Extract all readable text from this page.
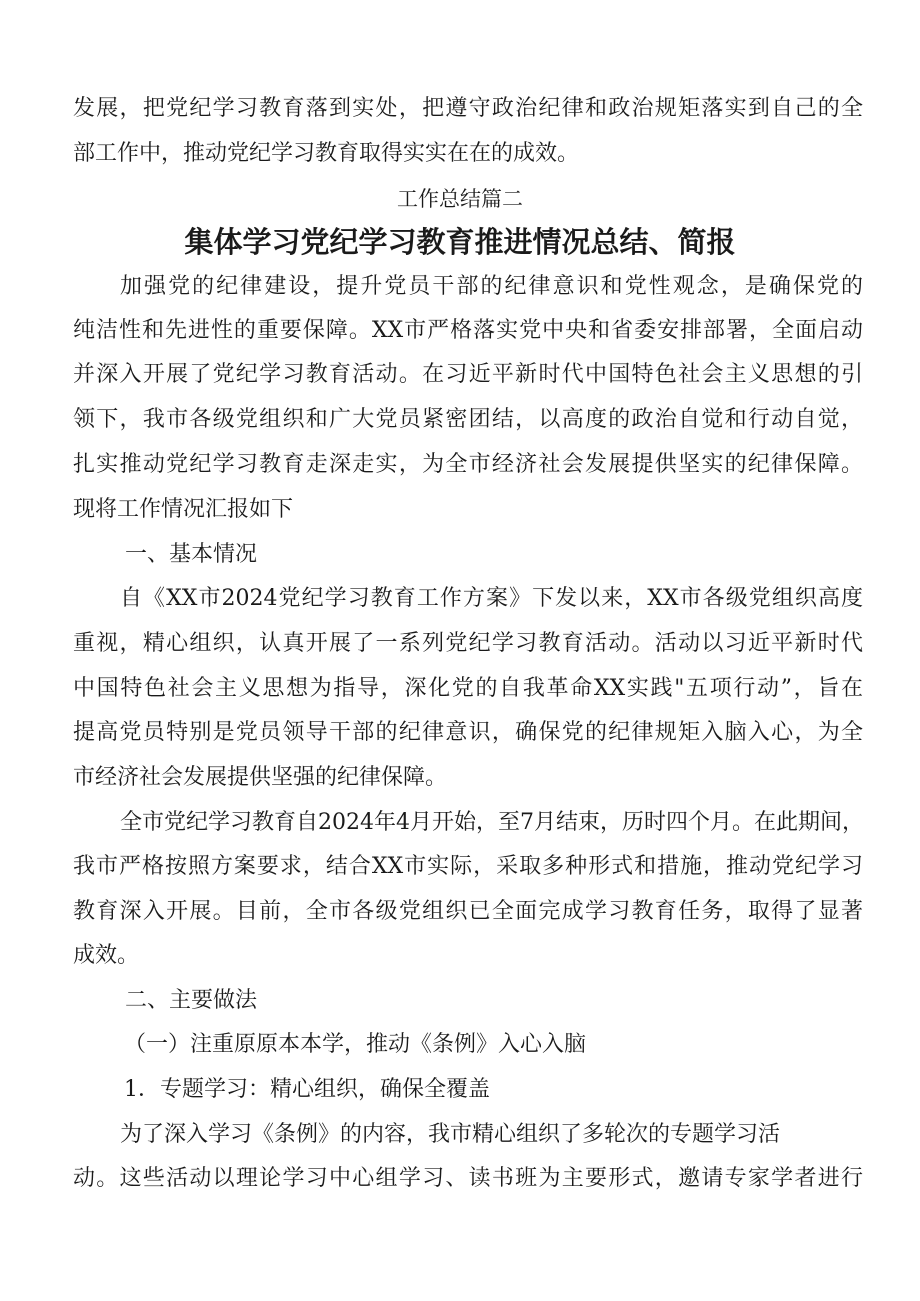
发展，把党纪学习教育落到实处，把遵守政治纪律和政治规矩落实到自己的全
部工作中，推动党纪学习教育取得实实在在的成效。
工作总结篇二
集体学习党纪学习教育推进情况总结、简报
加强党的纪律建设，提升党员干部的纪律意识和党性观念，是确保党的
纯洁性和先进性的重要保障。XX市严格落实党中央和省委安排部署，全面启动
并深入开展了党纪学习教育活动。在习近平新时代中国特色社会主义思想的引
领下，我市各级党组织和广大党员紧密团结，以高度的政治自觉和行动自觉，
扎实推动党纪学习教育走深走实，为全市经济社会发展提供坚实的纪律保障。
现将工作情况汇报如下
一、基本情况
自《XX市2024党纪学习教育工作方案》下发以来，XX市各级党组织高度
重视，精心组织，认真开展了一系列党纪学习教育活动。活动以习近平新时代
中国特色社会主义思想为指导，深化党的自我革命XX实践"五项行动”，旨在
提高党员特别是党员领导干部的纪律意识，确保党的纪律规矩入脑入心，为全
市经济社会发展提供坚强的纪律保障。
全市党纪学习教育自2024年4月开始，至7月结束，历时四个月。在此期间，
我市严格按照方案要求，结合XX市实际，采取多种形式和措施，推动党纪学习
教育深入开展。目前，全市各级党组织已全面完成学习教育任务，取得了显著
成效。
二、主要做法
（一）注重原原本本学，推动《条例》入心入脑
1．专题学习：精心组织，确保全覆盖
为了深入学习《条例》的内容，我市精心组织了多轮次的专题学习活
动。这些活动以理论学习中心组学习、读书班为主要形式，邀请专家学者进行
